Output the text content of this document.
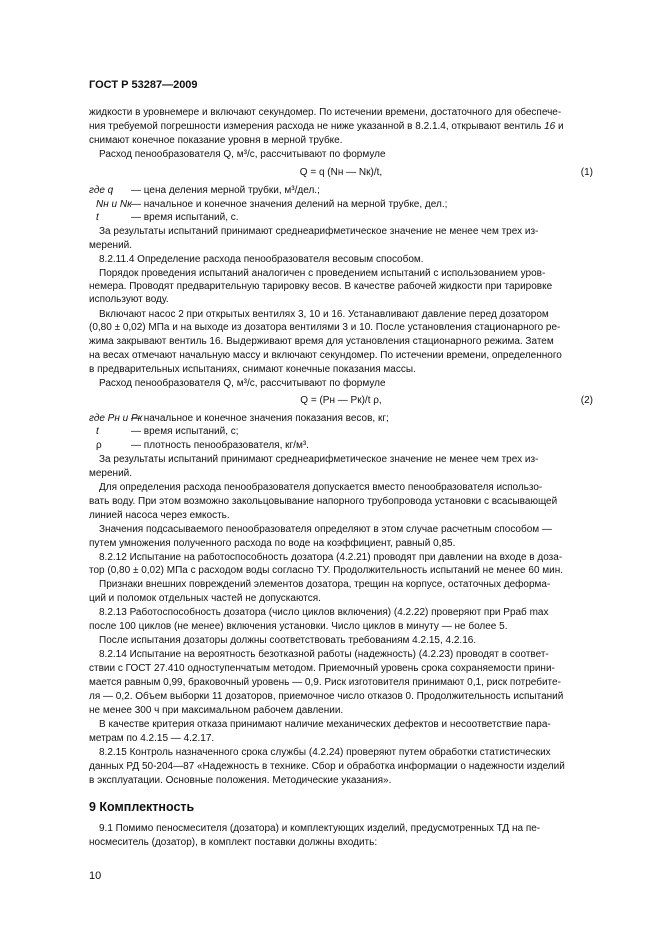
ГОСТ Р 53287—2009
жидкости в уровнемере и включают секундомер. По истечении времени, достаточного для обеспече-
ния требуемой погрешности измерения расхода не ниже указанной в 8.2.1.4, открывают вентиль 16 и
снимают конечное показание уровня в мерной трубке.
Расход пенообразователя Q, м³/с, рассчитывают по формуле
Q = q (Nн — Nк)/t,	(1)
где q — цена деления мерной трубки, м³/дел.;
Nн и Nк — начальное и конечное значения делений на мерной трубке, дел.;
t	— время испытаний, с.
За результаты испытаний принимают среднеарифметическое значение не менее чем трех из-
мерений.
8.2.11.4 Определение расхода пенообразователя весовым способом.
Порядок проведения испытаний аналогичен с проведением испытаний с использованием уров-
немера. Проводят предварительную тарировку весов. В качестве рабочей жидкости при тарировке
используют воду.
Включают насос 2 при открытых вентилях 3, 10 и 16. Устанавливают давление перед дозатором
(0,80 ± 0,02) МПа и на выходе из дозатора вентилями 3 и 10. После установления стационарного ре-
жима закрывают вентиль 16. Выдерживают время для установления стационарного режима. Затем
на весах отмечают начальную массу и включают секундомер. По истечении времени, определенного
в предварительных испытаниях, снимают конечные показания массы.
Расход пенообразователя Q, м³/с, рассчитывают по формуле
Q = (Pн — Pк)/t ρ,	(2)
где Pн и Pк
— начальное и конечное значения показания весов, кг;
t	— время испытаний, с;
ρ	— плотность пенообразователя, кг/м³.
За результаты испытаний принимают среднеарифметическое значение не менее чем трех из-
мерений.
Для определения расхода пенообразователя допускается вместо пенообразователя использо-
вать воду. При этом возможно закольцовывание напорного трубопровода установки с всасывающей
линией насоса через емкость.
Значения подсасываемого пенообразователя определяют в этом случае расчетным способом —
путем умножения полученного расхода по воде на коэффициент, равный 0,85.
8.2.12 Испытание на работоспособность дозатора (4.2.21) проводят при давлении на входе в доза-
тор (0,80 ± 0,02) МПа с расходом воды согласно ТУ. Продолжительность испытаний не менее 60 мин.
Признаки внешних повреждений элементов дозатора, трещин на корпусе, остаточных деформа-
ций и поломок отдельных частей не допускаются.
8.2.13 Работоспособность дозатора (число циклов включения) (4.2.22) проверяют при Pраб max
после 100 циклов (не менее) включения установки. Число циклов в минуту — не более 5.
После испытания дозаторы должны соответствовать требованиям 4.2.15, 4.2.16.
8.2.14 Испытание на вероятность безотказной работы (надежность) (4.2.23) проводят в соответ-
ствии с ГОСТ 27.410 одноступенчатым методом. Приемочный уровень срока сохраняемости прини-
мается равным 0,99, браковочный уровень — 0,9. Риск изготовителя принимают 0,1, риск потребите-
ля — 0,2. Объем выборки 11 дозаторов, приемочное число отказов 0. Продолжительность испытаний
не менее 300 ч при максимальном рабочем давлении.
В качестве критерия отказа принимают наличие механических дефектов и несоответствие пара-
метрам по 4.2.15 — 4.2.17.
8.2.15 Контроль назначенного срока службы (4.2.24) проверяют путем обработки статистических
данных РД 50-204—87 «Надежность в технике. Сбор и обработка информации о надежности изделий
в эксплуатации. Основные положения. Методические указания».
9 Комплектность
9.1 Помимо пеносмесителя (дозатора) и комплектующих изделий, предусмотренных ТД на пе-
носмеситель (дозатор), в комплект поставки должны входить:
10
